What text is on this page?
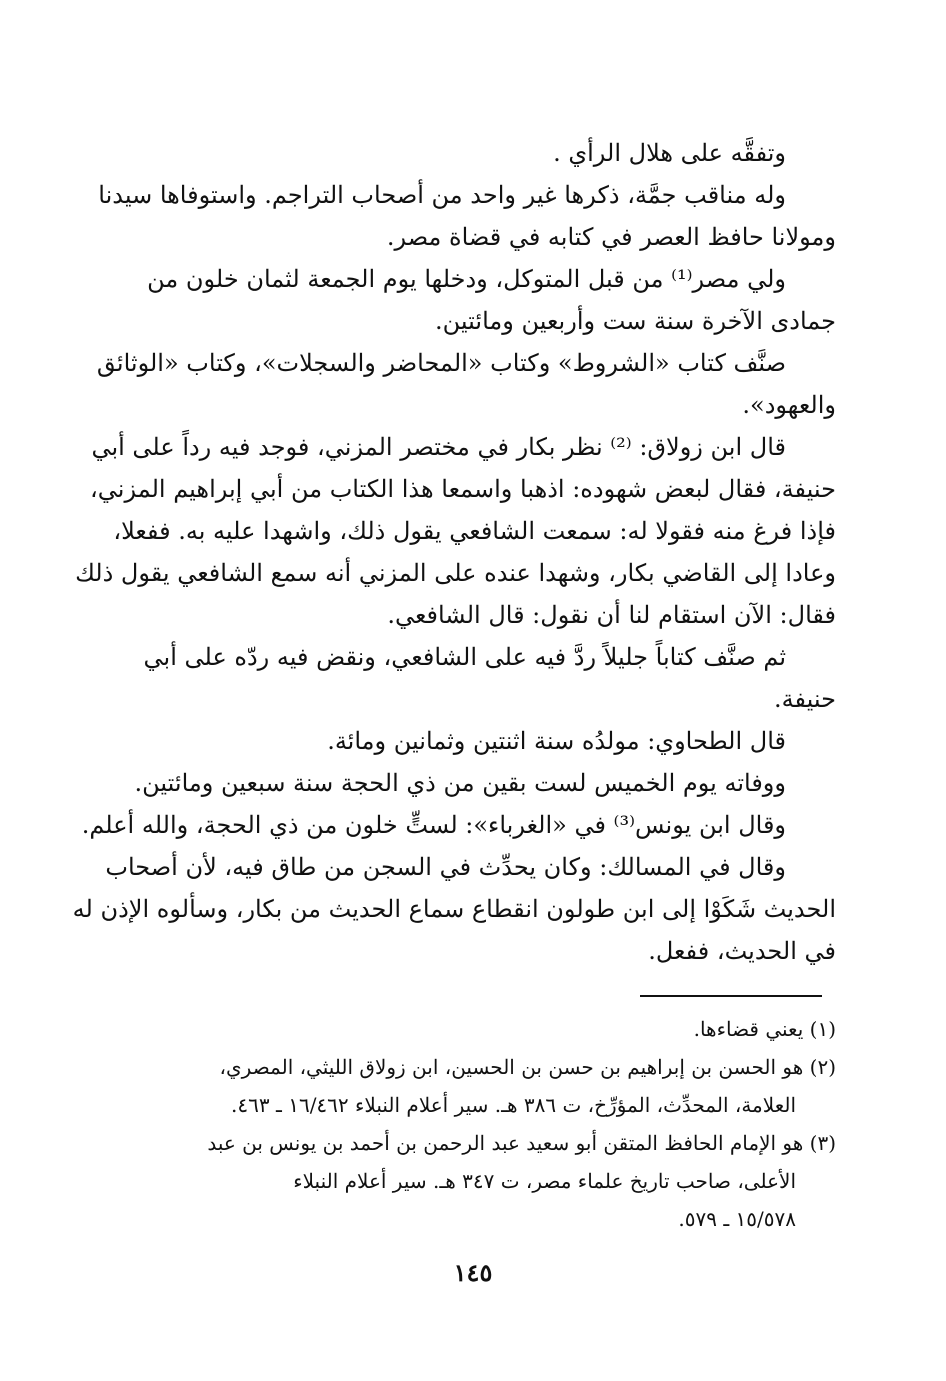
وتفقَّه على هلال الرأي .

وله مناقب جمَّة، ذكرها غير واحد من أصحاب التراجم. واستوفاها سيدنا
ومولانا حافظ العصر في كتابه في قضاة مصر.

ولي مصر⁽¹⁾ من قبل المتوكل، ودخلها يوم الجمعة لثمان خلون من
جمادى الآخرة سنة ست وأربعين ومائتين.

صنَّف كتاب «الشروط» وكتاب «المحاضر والسجلات»، وكتاب «الوثائق
والعهود».

قال ابن زولاق: ⁽²⁾ نظر بكار في مختصر المزني، فوجد فيه رداً على أبي
حنيفة، فقال لبعض شهوده: اذهبا واسمعا هذا الكتاب من أبي إبراهيم المزني،
فإذا فرغ منه فقولا له: سمعت الشافعي يقول ذلك، واشهدا عليه به. ففعلا،
وعادا إلى القاضي بكار، وشهدا عنده على المزني أنه سمع الشافعي يقول ذلك
فقال: الآن استقام لنا أن نقول: قال الشافعي.

ثم صنَّف كتاباً جليلاً ردَّ فيه على الشافعي، ونقض فيه ردّه على أبي
حنيفة.

قال الطحاوي: مولدُه سنة اثنتين وثمانين ومائة.

ووفاته يوم الخميس لست بقين من ذي الحجة سنة سبعين ومائتين.

وقال ابن يونس⁽³⁾ في «الغرباء»: لستٍّ خلون من ذي الحجة، والله أعلم.

وقال في المسالك: وكان يحدِّث في السجن من طاق فيه، لأن أصحاب
الحديث شَكَوْا إلى ابن طولون انقطاع سماع الحديث من بكار، وسألوه الإذن له
في الحديث، ففعل.

(١) يعني قضاءها.

(٢) هو الحسن بن إبراهيم بن حسن بن الحسين، ابن زولاق الليثي، المصري،
العلامة، المحدِّث، المؤرِّخ، ت ٣٨٦ هـ. سير أعلام النبلاء ١٦/٤٦٢ ـ ٤٦٣.

(٣) هو الإمام الحافظ المتقن أبو سعيد عبد الرحمن بن أحمد بن يونس بن عبد
الأعلى، صاحب تاريخ علماء مصر، ت ٣٤٧ هـ. سير أعلام النبلاء
١٥/٥٧٨ ـ ٥٧٩.

١٤٥
